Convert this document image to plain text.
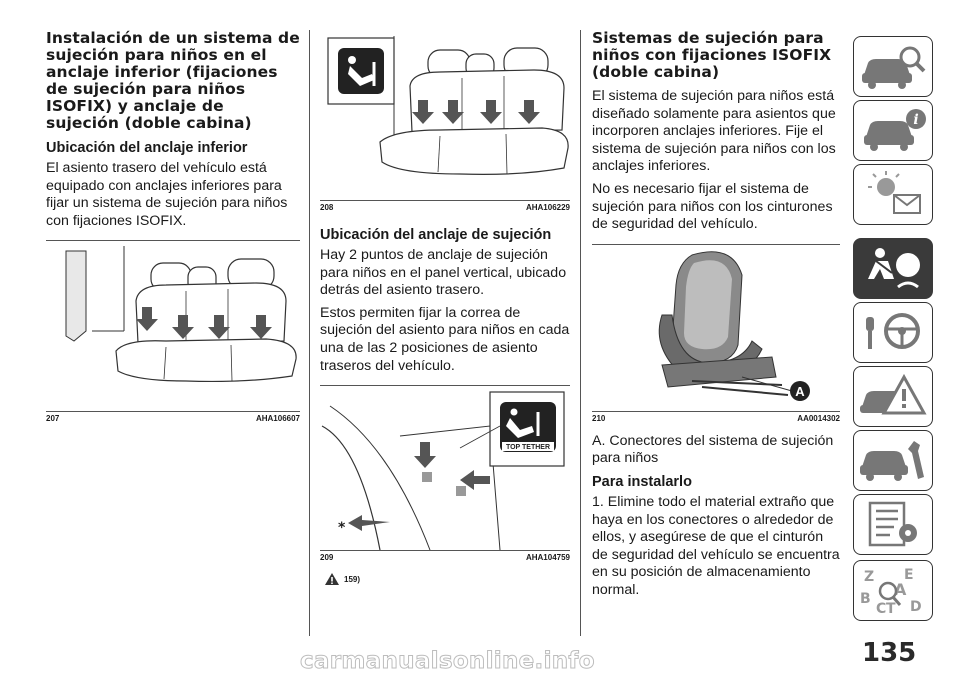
Instalación de un sistema de sujeción para niños en el anclaje inferior (fijaciones de sujeción para niños ISOFIX) y anclaje de sujeción (doble cabina)
Ubicación del anclaje inferior

El asiento trasero del vehículo está equipado con anclajes inferiores para fijar un sistema de sujeción para niños con fijaciones ISOFIX.

207	AHA106607
208	AHA106229
Ubicación del anclaje de sujeción

Hay 2 puntos de anclaje de sujeción para niños en el panel vertical, ubicado detrás del asiento trasero.

Estos permiten fijar la correa de sujeción del asiento para niños en cada una de las 2 posiciones de asiento traseros del vehículo.

TOP TETHER
*
209	AHA104759
159)
Sistemas de sujeción para niños con fijaciones ISOFIX (doble cabina)

El sistema de sujeción para niños está diseñado solamente para asientos que incorporen anclajes inferiores. Fije el sistema de sujeción para niños con los anclajes inferiores.

No es necesario fijar el sistema de sujeción para niños con los cinturones de seguridad del vehículo.

A
210	AA0014302

A. Conectores del sistema de sujeción para niños

Para instalarlo

1. Elimine todo el material extraño que haya en los conectores o alrededor de ellos, y asegúrese de que el cinturón de seguridad del vehículo se encuentra en su posición de almacenamiento normal.

i
Z E
A
B
C T D
135
carmanualsonline.info
